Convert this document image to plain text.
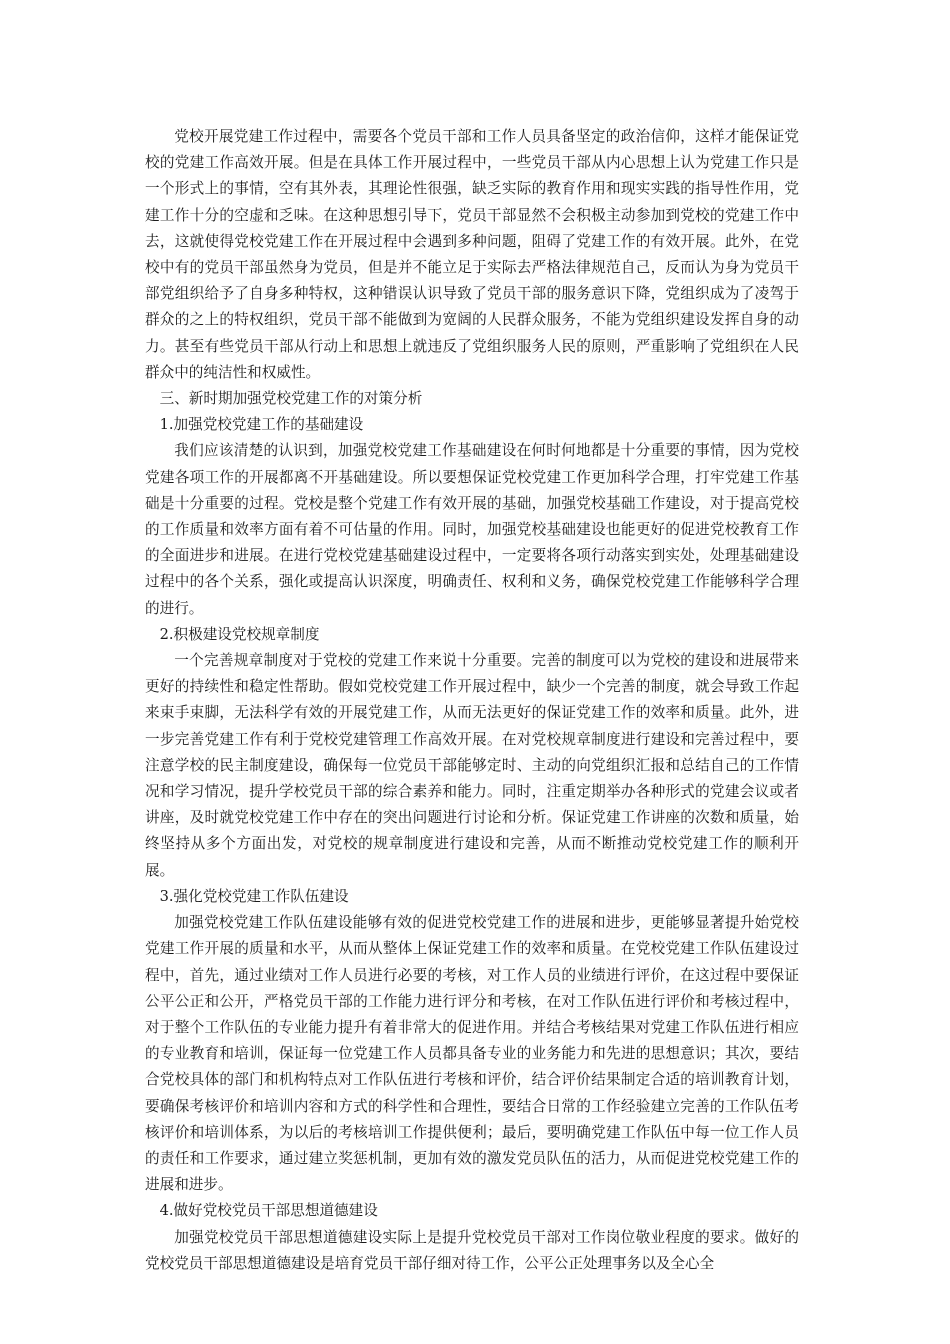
党校开展党建工作过程中，需要各个党员干部和工作人员具备坚定的政治信仰，这样才能保证党校的党建工作高效开展。但是在具体工作开展过程中，一些党员干部从内心思想上认为党建工作只是一个形式上的事情，空有其外表，其理论性很强，缺乏实际的教育作用和现实实践的指导性作用，党建工作十分的空虚和乏味。在这种思想引导下，党员干部显然不会积极主动参加到党校的党建工作中去，这就使得党校党建工作在开展过程中会遇到多种问题，阻碍了党建工作的有效开展。此外，在党校中有的党员干部虽然身为党员，但是并不能立足于实际去严格法律规范自己，反而认为身为党员干部党组织给予了自身多种特权，这种错误认识导致了党员干部的服务意识下降，党组织成为了凌驾于群众的之上的特权组织，党员干部不能做到为宽阔的人民群众服务，不能为党组织建设发挥自身的动力。甚至有些党员干部从行动上和思想上就违反了党组织服务人民的原则，严重影响了党组织在人民群众中的纯洁性和权威性。

三、新时期加强党校党建工作的对策分析

1.加强党校党建工作的基础建设

我们应该清楚的认识到，加强党校党建工作基础建设在何时何地都是十分重要的事情，因为党校党建各项工作的开展都离不开基础建设。所以要想保证党校党建工作更加科学合理，打牢党建工作基础是十分重要的过程。党校是整个党建工作有效开展的基础，加强党校基础工作建设，对于提高党校的工作质量和效率方面有着不可估量的作用。同时，加强党校基础建设也能更好的促进党校教育工作的全面进步和进展。在进行党校党建基础建设过程中，一定要将各项行动落实到实处，处理基础建设过程中的各个关系，强化或提高认识深度，明确责任、权利和义务，确保党校党建工作能够科学合理的进行。

2.积极建设党校规章制度

一个完善规章制度对于党校的党建工作来说十分重要。完善的制度可以为党校的建设和进展带来更好的持续性和稳定性帮助。假如党校党建工作开展过程中，缺少一个完善的制度，就会导致工作起来束手束脚，无法科学有效的开展党建工作，从而无法更好的保证党建工作的效率和质量。此外，进一步完善党建工作有利于党校党建管理工作高效开展。在对党校规章制度进行建设和完善过程中，要注意学校的民主制度建设，确保每一位党员干部能够定时、主动的向党组织汇报和总结自己的工作情况和学习情况，提升学校党员干部的综合素养和能力。同时，注重定期举办各种形式的党建会议或者讲座，及时就党校党建工作中存在的突出问题进行讨论和分析。保证党建工作讲座的次数和质量，始终坚持从多个方面出发，对党校的规章制度进行建设和完善，从而不断推动党校党建工作的顺利开展。

3.强化党校党建工作队伍建设

加强党校党建工作队伍建设能够有效的促进党校党建工作的进展和进步，更能够显著提升始党校党建工作开展的质量和水平，从而从整体上保证党建工作的效率和质量。在党校党建工作队伍建设过程中，首先，通过业绩对工作人员进行必要的考核，对工作人员的业绩进行评价，在这过程中要保证公平公正和公开，严格党员干部的工作能力进行评分和考核，在对工作队伍进行评价和考核过程中，对于整个工作队伍的专业能力提升有着非常大的促进作用。并结合考核结果对党建工作队伍进行相应的专业教育和培训，保证每一位党建工作人员都具备专业的业务能力和先进的思想意识；其次，要结合党校具体的部门和机构特点对工作队伍进行考核和评价，结合评价结果制定合适的培训教育计划，要确保考核评价和培训内容和方式的科学性和合理性，要结合日常的工作经验建立完善的工作队伍考核评价和培训体系，为以后的考核培训工作提供便利；最后，要明确党建工作队伍中每一位工作人员的责任和工作要求，通过建立奖惩机制，更加有效的激发党员队伍的活力，从而促进党校党建工作的进展和进步。

4.做好党校党员干部思想道德建设

加强党校党员干部思想道德建设实际上是提升党校党员干部对工作岗位敬业程度的要求。做好的党校党员干部思想道德建设是培育党员干部仔细对待工作，公平公正处理事务以及全心全
